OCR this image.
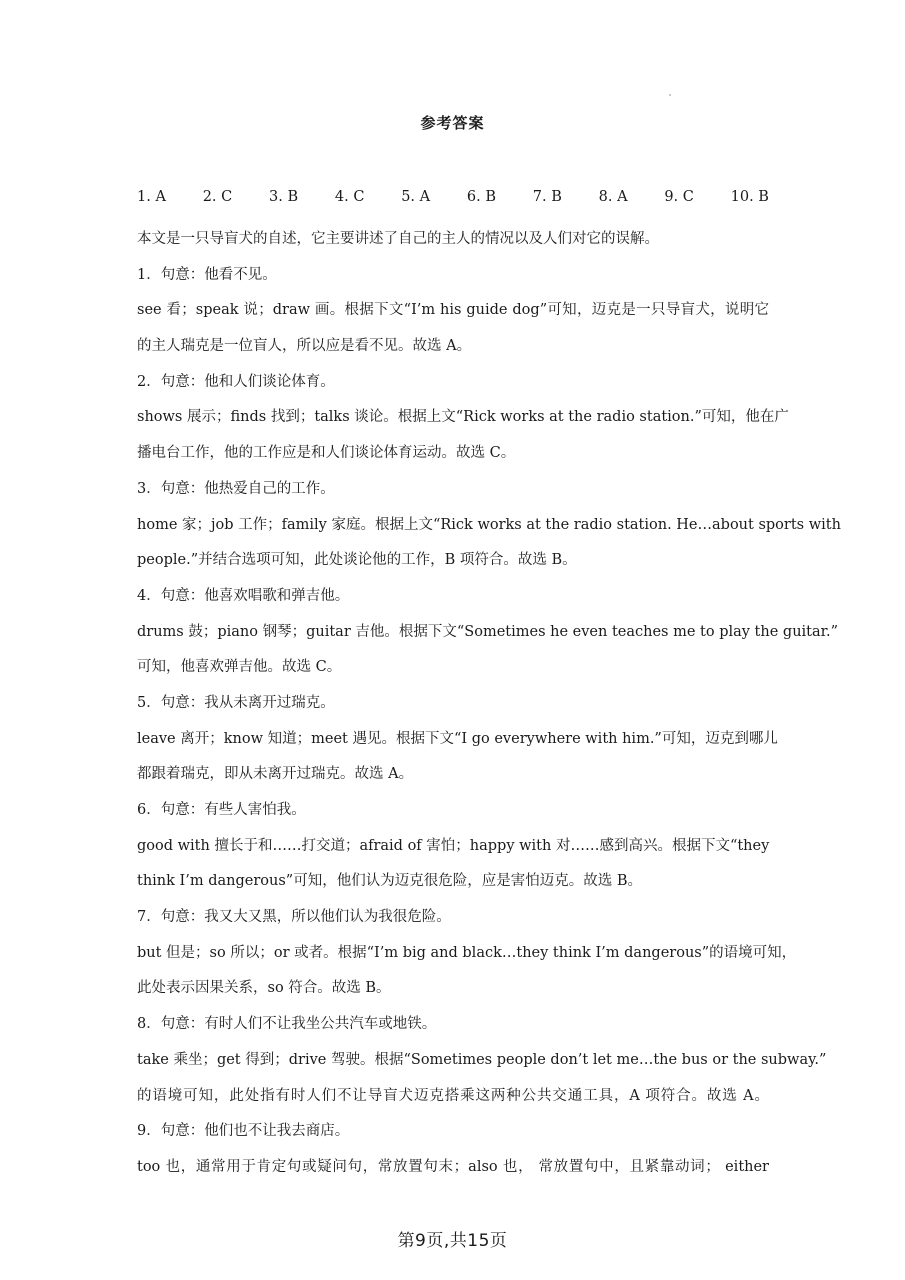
参考答案
1. A	2. C	3. B	4. C	5. A	6. B	7. B	8. A	9. C	10. B
本文是一只导盲犬的自述，它主要讲述了自己的主人的情况以及人们对它的误解。
1．句意：他看不见。
see 看；speak 说；draw 画。根据下文“I’m his guide dog”可知，迈克是一只导盲犬，说明它
的主人瑞克是一位盲人，所以应是看不见。故选 A。
2．句意：他和人们谈论体育。
shows 展示；finds 找到；talks 谈论。根据上文“Rick works at the radio station.”可知，他在广
播电台工作，他的工作应是和人们谈论体育运动。故选 C。
3．句意：他热爱自己的工作。
home 家；job 工作；family 家庭。根据上文“Rick works at the radio station. He…about sports with
people.”并结合选项可知，此处谈论他的工作，B 项符合。故选 B。
4．句意：他喜欢唱歌和弹吉他。
drums 鼓；piano 钢琴；guitar 吉他。根据下文“Sometimes he even teaches me to play the guitar.”
可知，他喜欢弹吉他。故选 C。
5．句意：我从未离开过瑞克。
leave 离开；know 知道；meet 遇见。根据下文“I go everywhere with him.”可知，迈克到哪儿
都跟着瑞克，即从未离开过瑞克。故选 A。
6．句意：有些人害怕我。
good with 擅长于和……打交道；afraid of 害怕；happy with 对……感到高兴。根据下文“they
think I’m dangerous”可知，他们认为迈克很危险，应是害怕迈克。故选 B。
7．句意：我又大又黑，所以他们认为我很危险。
but 但是；so 所以；or 或者。根据“I’m big and black…they think I’m dangerous”的语境可知，
此处表示因果关系，so 符合。故选 B。
8．句意：有时人们不让我坐公共汽车或地铁。
take 乘坐；get 得到；drive 驾驶。根据“Sometimes people don’t let me…the bus or the subway.”
的语境可知，此处指有时人们不让导盲犬迈克搭乘这两种公共交通工具，A 项符合。故选 A。
9．句意：他们也不让我去商店。
too 也，通常用于肯定句或疑问句，常放置句末；also 也， 常放置句中，且紧靠动词； either
第9页,共15页
